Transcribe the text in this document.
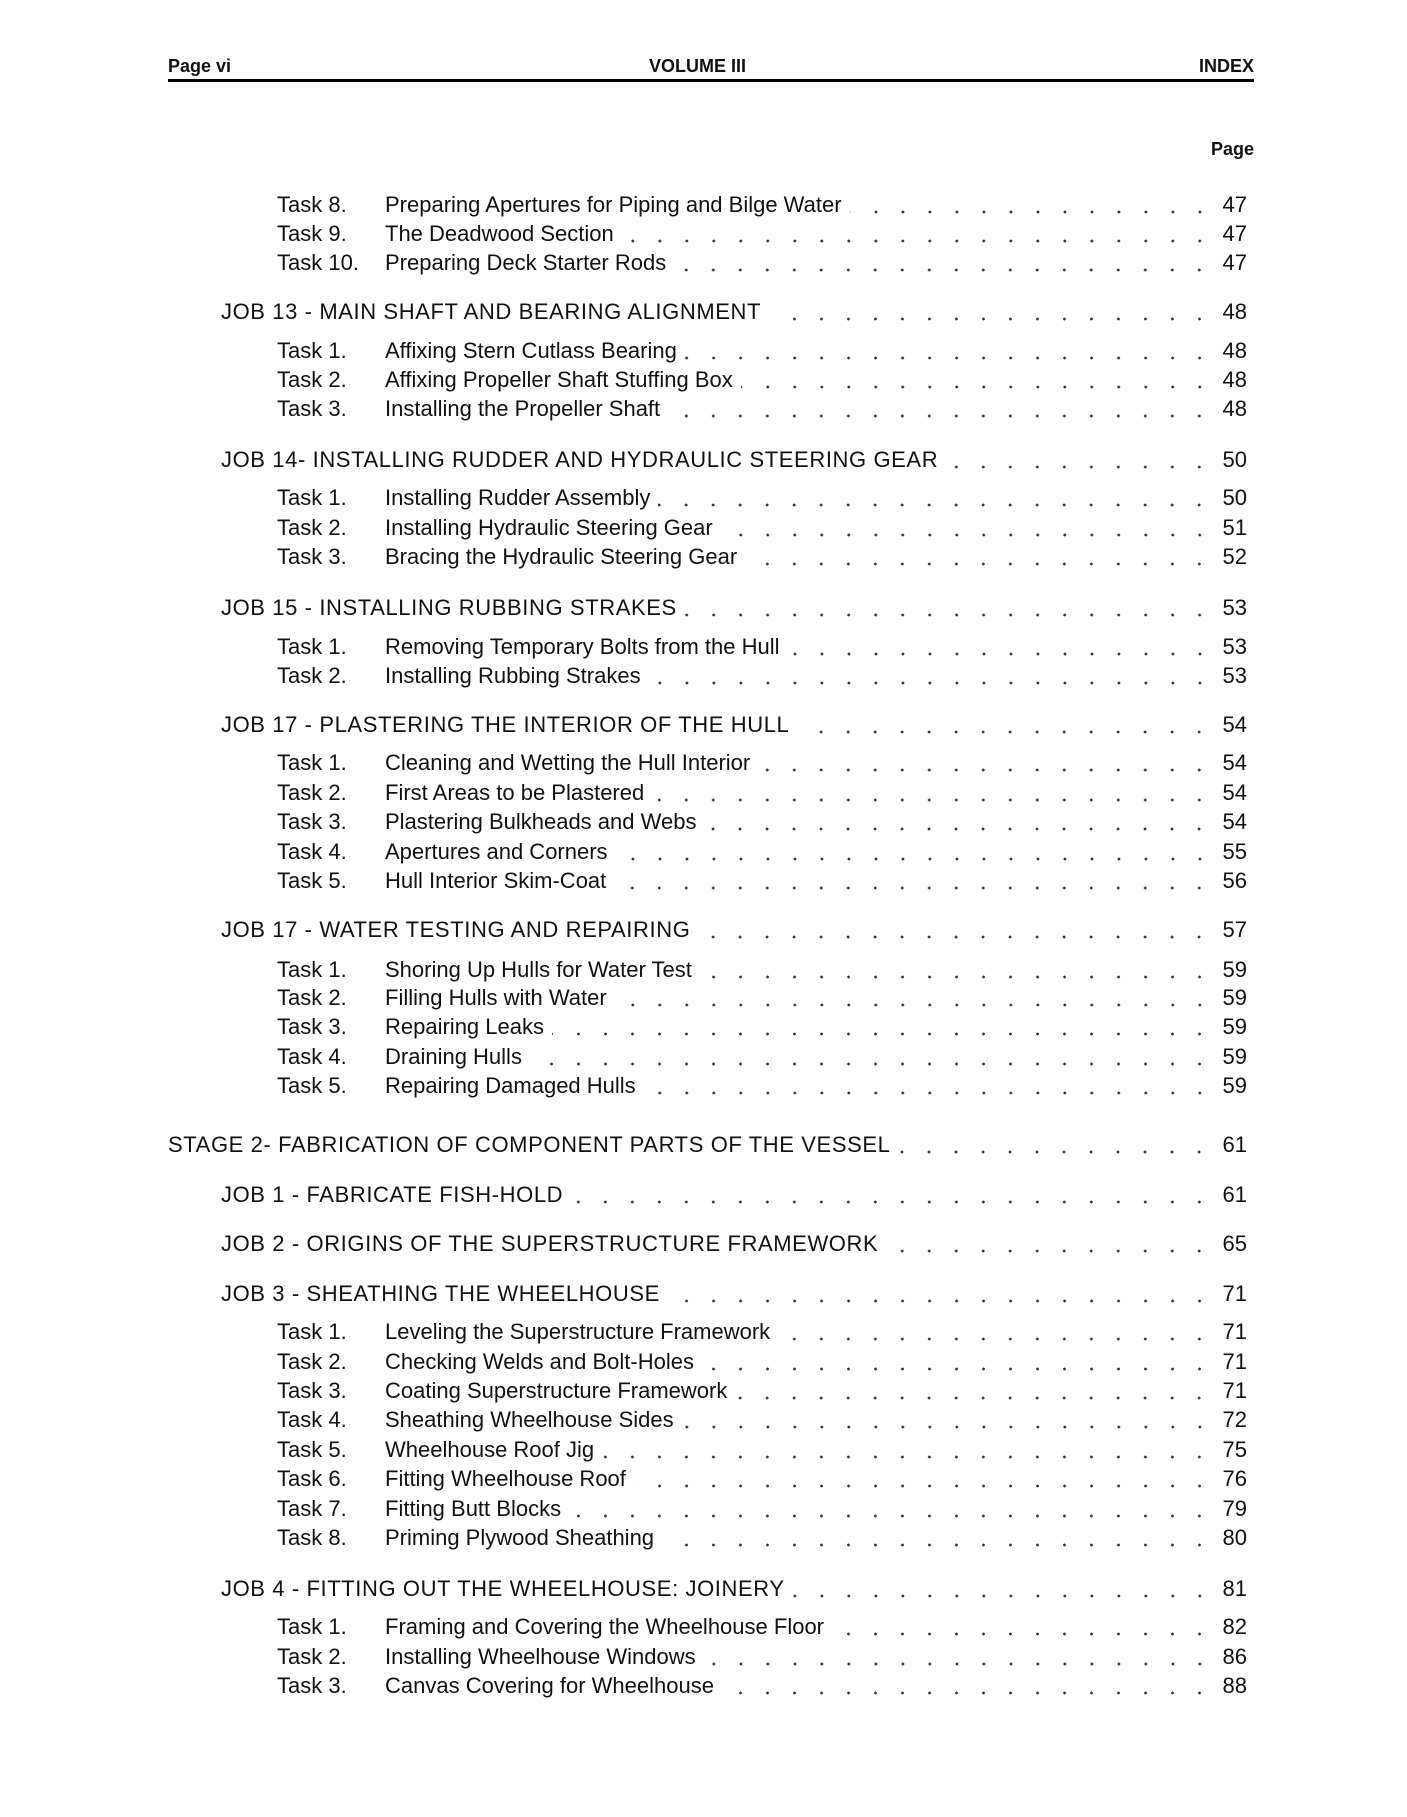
Page vi	VOLUME III	INDEX
Page
Task 8.	Preparing Apertures for Piping and Bilge Water	47
Task 9.	The Deadwood Section	47
Task 10.	Preparing Deck Starter Rods	47
JOB 13 - MAIN SHAFT AND BEARING ALIGNMENT	48
Task 1.	Affixing Stern Cutlass Bearing	48
Task 2.	Affixing Propeller Shaft Stuffing Box	48
Task 3.	Installing the Propeller Shaft	48
JOB 14- INSTALLING RUDDER AND HYDRAULIC STEERING GEAR	50
Task 1.	Installing Rudder Assembly	50
Task 2.	Installing Hydraulic Steering Gear	51
Task 3.	Bracing the Hydraulic Steering Gear	52
JOB 15 - INSTALLING RUBBING STRAKES	53
Task 1.	Removing Temporary Bolts from the Hull	53
Task 2.	Installing Rubbing Strakes	53
JOB 17 - PLASTERING THE INTERIOR OF THE HULL	54
Task 1.	Cleaning and Wetting the Hull Interior	54
Task 2.	First Areas to be Plastered	54
Task 3.	Plastering Bulkheads and Webs	54
Task 4.	Apertures and Corners	55
Task 5.	Hull Interior Skim-Coat	56
JOB 17 - WATER TESTING AND REPAIRING	57
Task 1.	Shoring Up Hulls for Water Test	59
Task 2.	Filling Hulls with Water	59
Task 3.	Repairing Leaks	59
Task 4.	Draining Hulls	59
Task 5.	Repairing Damaged Hulls	59
STAGE 2- FABRICATION OF COMPONENT PARTS OF THE VESSEL	61
JOB 1 - FABRICATE FISH-HOLD	61
JOB 2 - ORIGINS OF THE SUPERSTRUCTURE FRAMEWORK	65
JOB 3 - SHEATHING THE WHEELHOUSE	71
Task 1.	Leveling the Superstructure Framework	71
Task 2.	Checking Welds and Bolt-Holes	71
Task 3.	Coating Superstructure Framework	71
Task 4.	Sheathing Wheelhouse Sides	72
Task 5.	Wheelhouse Roof Jig	75
Task 6.	Fitting Wheelhouse Roof	76
Task 7.	Fitting Butt Blocks	79
Task 8.	Priming Plywood Sheathing	80
JOB 4 - FITTING OUT THE WHEELHOUSE: JOINERY	81
Task 1.	Framing and Covering the Wheelhouse Floor	82
Task 2.	Installing Wheelhouse Windows	86
Task 3.	Canvas Covering for Wheelhouse	88
